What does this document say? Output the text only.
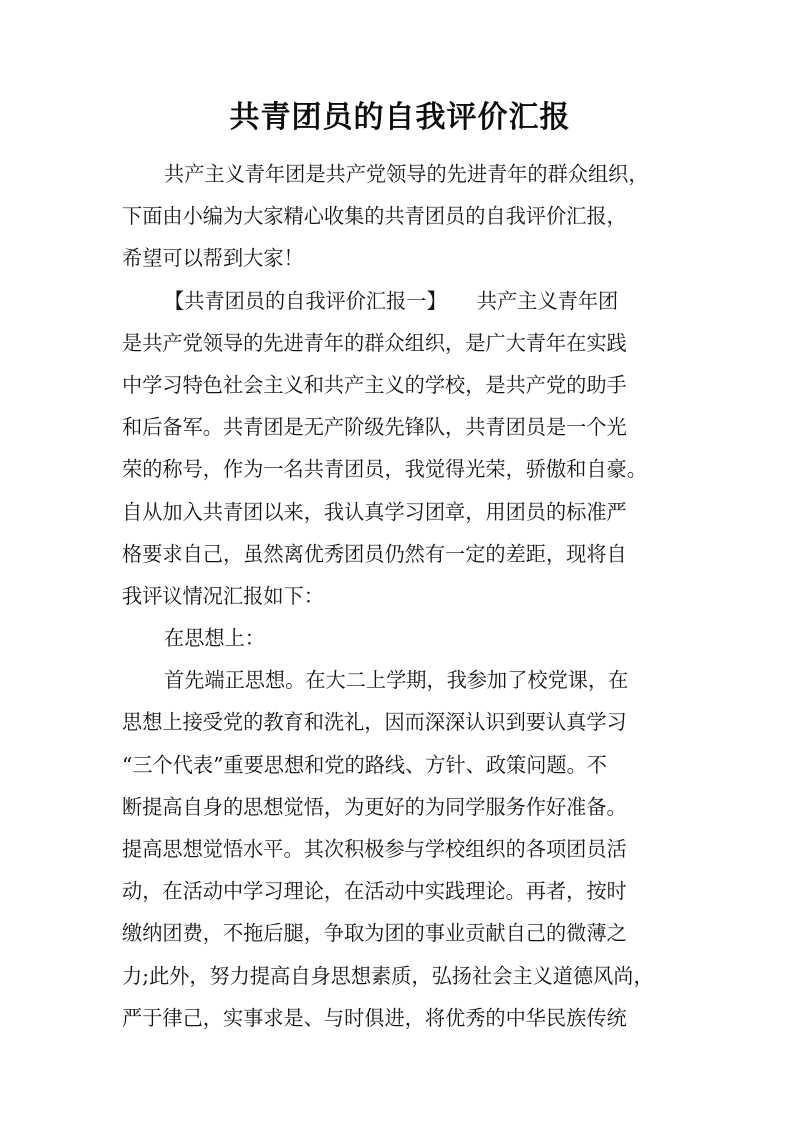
共青团员的自我评价汇报
共产主义青年团是共产党领导的先进青年的群众组织，
下面由小编为大家精心收集的共青团员的自我评价汇报，
希望可以帮到大家！
【共青团员的自我评价汇报一】　　共产主义青年团
是共产党领导的先进青年的群众组织，是广大青年在实践
中学习特色社会主义和共产主义的学校，是共产党的助手
和后备军。共青团是无产阶级先锋队，共青团员是一个光
荣的称号，作为一名共青团员，我觉得光荣，骄傲和自豪。
自从加入共青团以来，我认真学习团章，用团员的标准严
格要求自己，虽然离优秀团员仍然有一定的差距，现将自
我评议情况汇报如下：
在思想上：
首先端正思想。在大二上学期，我参加了校党课，在
思想上接受党的教育和洗礼，因而深深认识到要认真学习
“三个代表”重要思想和党的路线、方针、政策问题。不
断提高自身的思想觉悟，为更好的为同学服务作好准备。
提高思想觉悟水平。其次积极参与学校组织的各项团员活
动，在活动中学习理论，在活动中实践理论。再者，按时
缴纳团费，不拖后腿，争取为团的事业贡献自己的微薄之
力;此外，努力提高自身思想素质，弘扬社会主义道德风尚，
严于律己，实事求是、与时俱进，将优秀的中华民族传统
